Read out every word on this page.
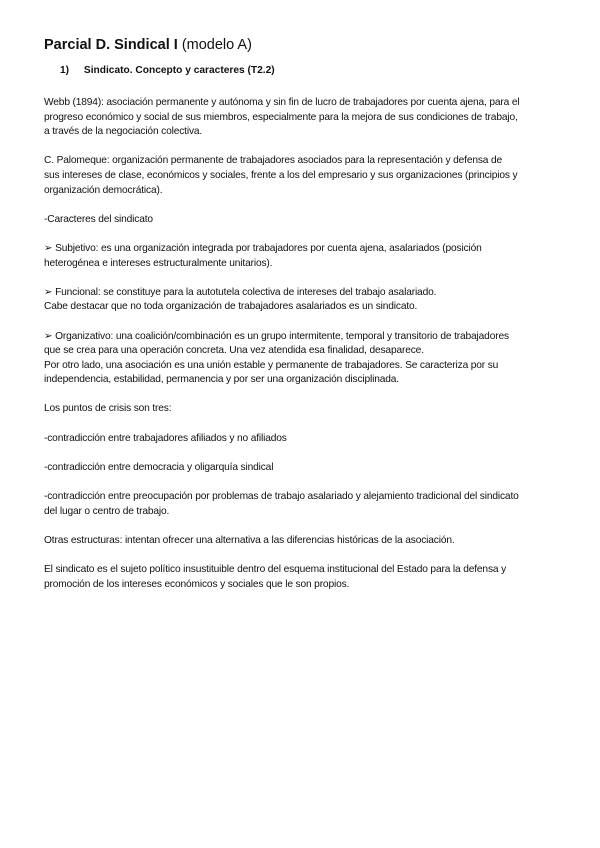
Parcial D. Sindical I (modelo A)
1) Sindicato. Concepto y caracteres (T2.2)

Webb (1894): asociación permanente y autónoma y sin fin de lucro de trabajadores por cuenta ajena, para el progreso económico y social de sus miembros, especialmente para la mejora de sus condiciones de trabajo, a través de la negociación colectiva.

C. Palomeque: organización permanente de trabajadores asociados para la representación y defensa de sus intereses de clase, económicos y sociales, frente a los del empresario y sus organizaciones (principios y organización democrática).

-Caracteres del sindicato

➢ Subjetivo: es una organización integrada por trabajadores por cuenta ajena, asalariados (posición heterogénea e intereses estructuralmente unitarios).

➢ Funcional: se constituye para la autotutela colectiva de intereses del trabajo asalariado.

Cabe destacar que no toda organización de trabajadores asalariados es un sindicato.

➢ Organizativo: una coalición/combinación es un grupo intermitente, temporal y transitorio de trabajadores que se crea para una operación concreta. Una vez atendida esa finalidad, desaparece.

Por otro lado, una asociación es una unión estable y permanente de trabajadores. Se caracteriza por su independencia, estabilidad, permanencia y por ser una organización disciplinada.

Los puntos de crisis son tres:

-contradicción entre trabajadores afiliados y no afiliados

-contradicción entre democracia y oligarquía sindical

-contradicción entre preocupación por problemas de trabajo asalariado y alejamiento tradicional del sindicato del lugar o centro de trabajo.

Otras estructuras: intentan ofrecer una alternativa a las diferencias históricas de la asociación.

El sindicato es el sujeto político insustituible dentro del esquema institucional del Estado para la defensa y promoción de los intereses económicos y sociales que le son propios.
